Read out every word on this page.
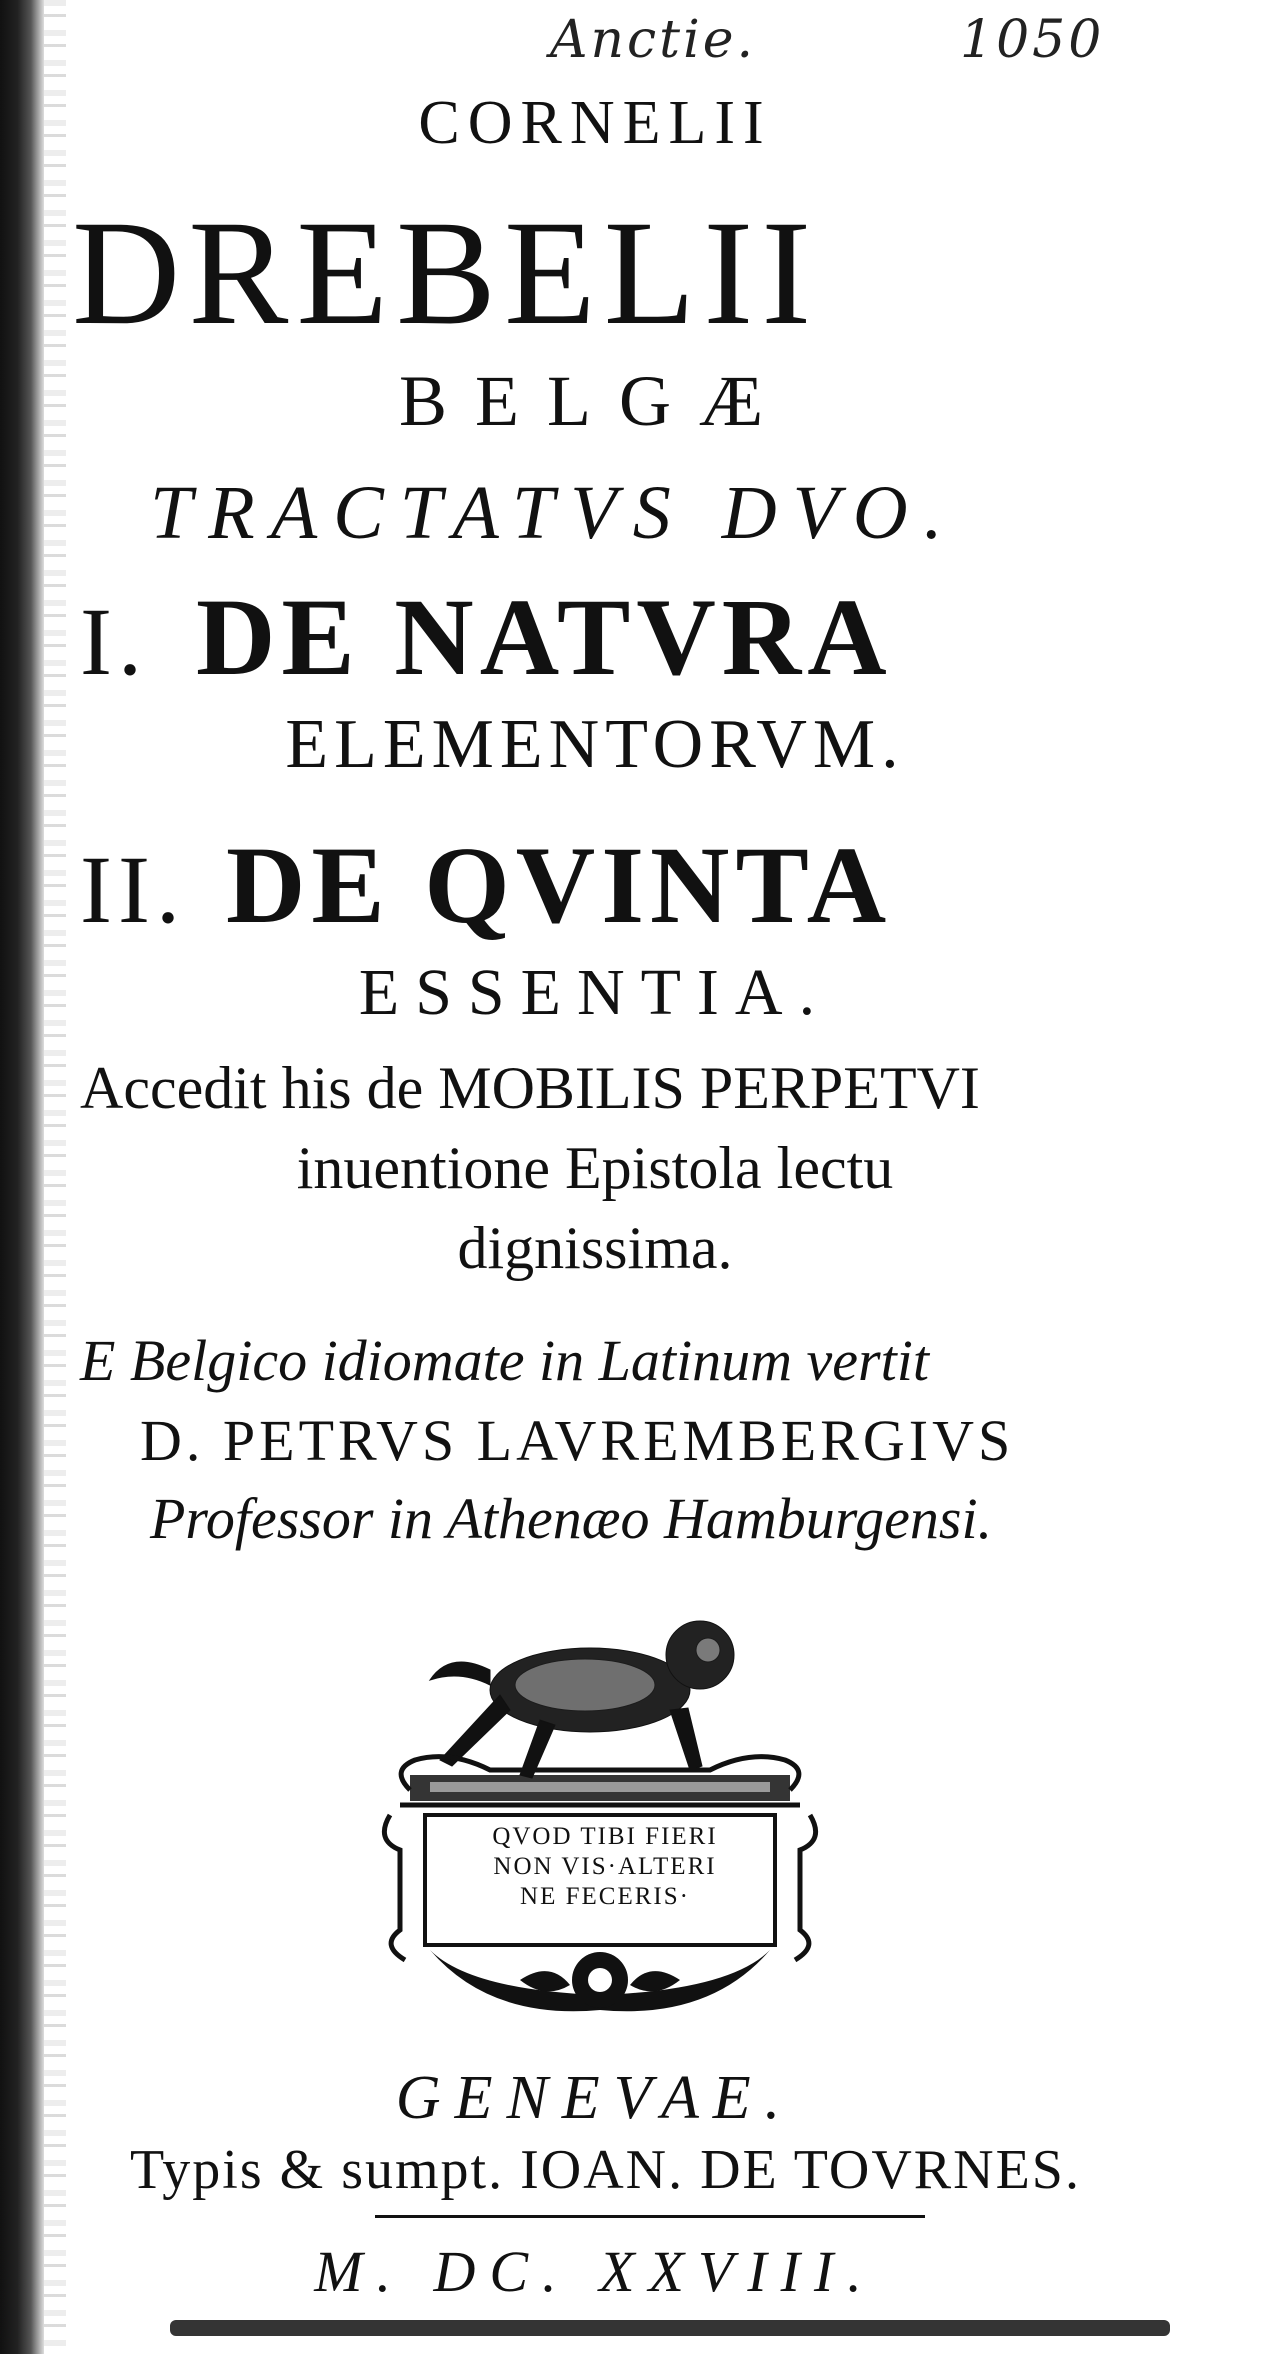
Anctie.	1050
CORNELII
DREBELII
BELGÆ
TRACTATVS DVO.
I. DE NATVRA
ELEMENTORVM.
II. DE QVINTA
ESSENTIA.
Accedit his de MOBILIS PERPETVI
inuentione Epistola lectu
dignissima.
E Belgico idiomate in Latinum vertit
D. PETRVS LAVREMBERGIVS
Professor in Athenæo Hamburgensi.
QVOD TIBI FIERI
NON VIS·ALTERI
NE FECERIS·
GENEVAE.
Typis & sumpt. IOAN. DE TOVRNES.
M. DC. XXVIII.
